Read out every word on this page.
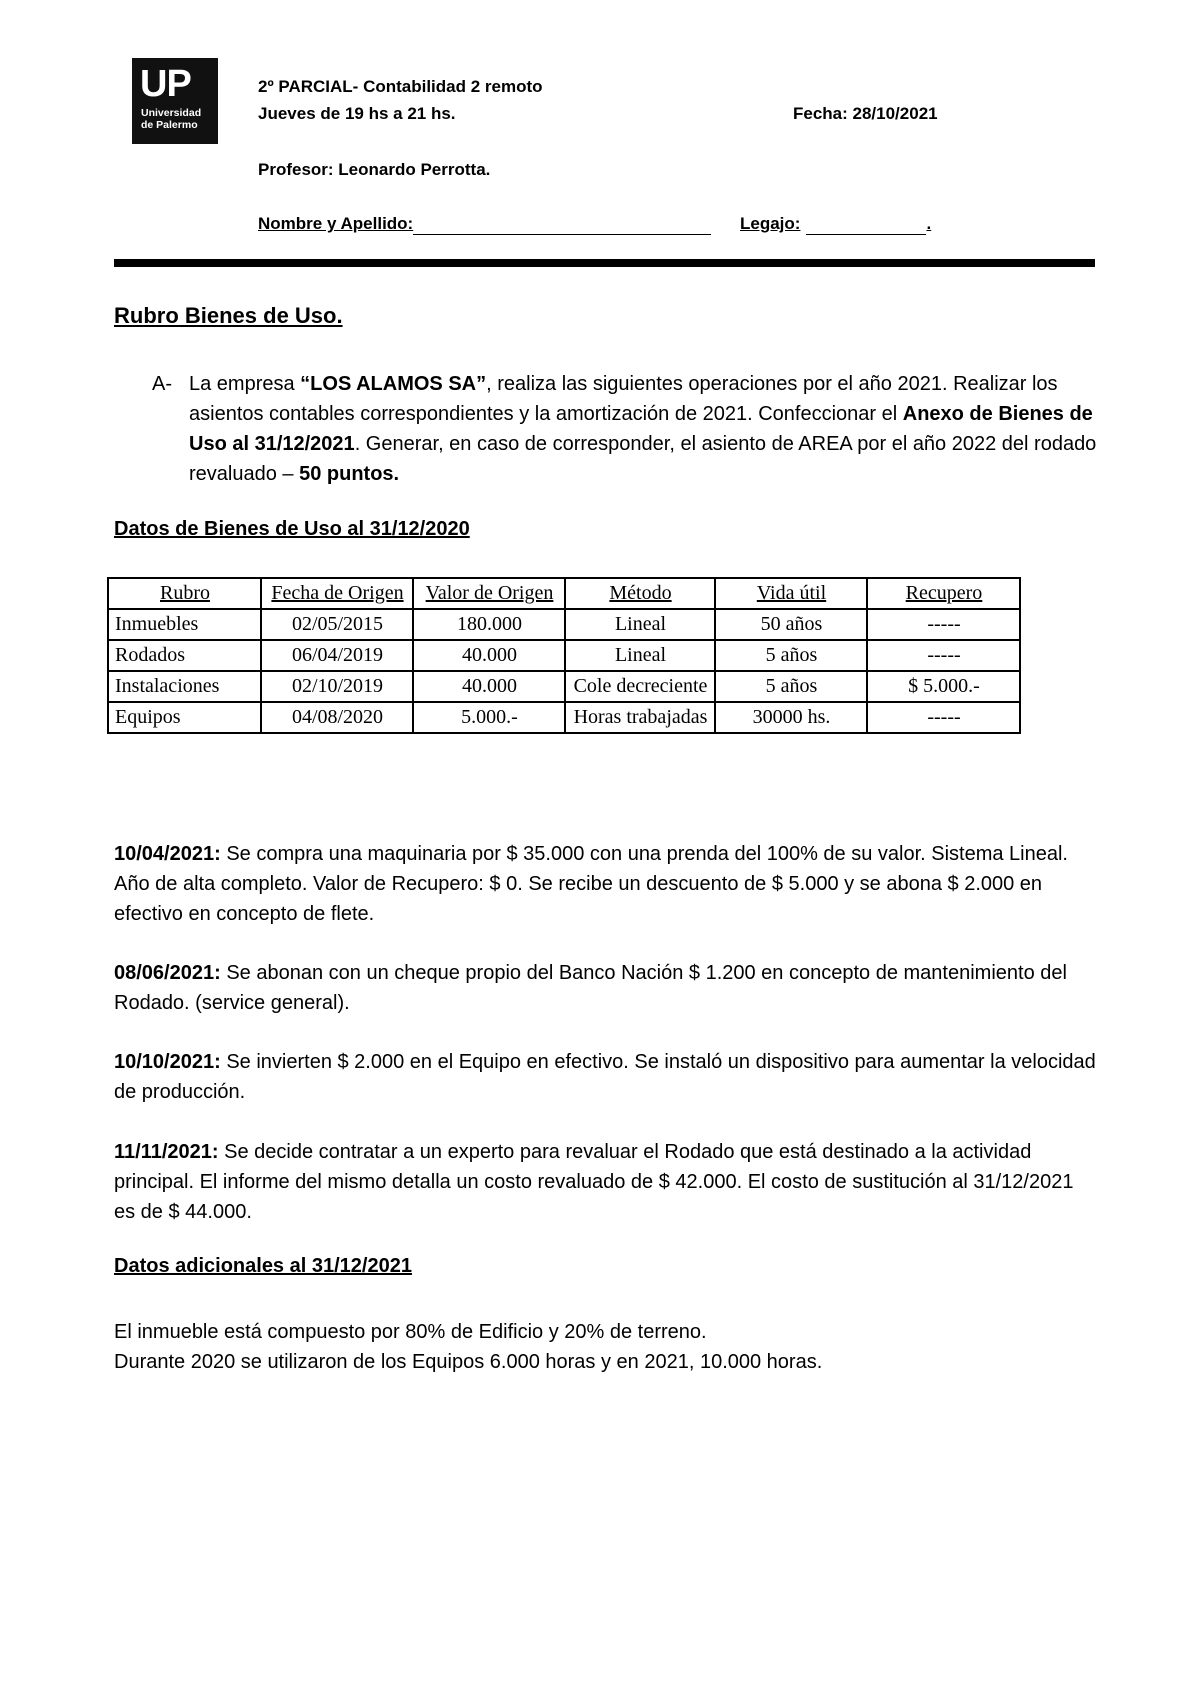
UP
Universidad
de Palermo
2º PARCIAL- Contabilidad 2 remoto
Jueves de 19 hs a 21 hs.	Fecha: 28/10/2021
Profesor: Leonardo Perrotta.
Nombre y Apellido:	Legajo:	.
Rubro Bienes de Uso.
A- La empresa “LOS ALAMOS SA”, realiza las siguientes operaciones por el año 2021. Realizar los asientos contables correspondientes y la amortización de 2021. Confeccionar el Anexo de Bienes de Uso al 31/12/2021. Generar, en caso de corresponder, el asiento de AREA por el año 2022 del rodado revaluado – 50 puntos.
Datos de Bienes de Uso al 31/12/2020
Rubro	Fecha de Origen	Valor de Origen	Método	Vida útil	Recupero
Inmuebles	02/05/2015	180.000	Lineal	50 años	-----
Rodados	06/04/2019	40.000	Lineal	5 años	-----
Instalaciones	02/10/2019	40.000	Cole decreciente	5 años	$ 5.000.-
Equipos	04/08/2020	5.000.-	Horas trabajadas	30000 hs.	-----
10/04/2021: Se compra una maquinaria por $ 35.000 con una prenda del 100% de su valor. Sistema Lineal. Año de alta completo. Valor de Recupero: $ 0. Se recibe un descuento de $ 5.000 y se abona $ 2.000 en efectivo en concepto de flete.
08/06/2021: Se abonan con un cheque propio del Banco Nación $ 1.200 en concepto de mantenimiento del Rodado. (service general).
10/10/2021: Se invierten $ 2.000 en el Equipo en efectivo. Se instaló un dispositivo para aumentar la velocidad de producción.
11/11/2021: Se decide contratar a un experto para revaluar el Rodado que está destinado a la actividad principal. El informe del mismo detalla un costo revaluado de $ 42.000. El costo de sustitución al 31/12/2021 es de $ 44.000.
Datos adicionales al 31/12/2021
El inmueble está compuesto por 80% de Edificio y 20% de terreno.
Durante 2020 se utilizaron de los Equipos 6.000 horas y en 2021, 10.000 horas.
